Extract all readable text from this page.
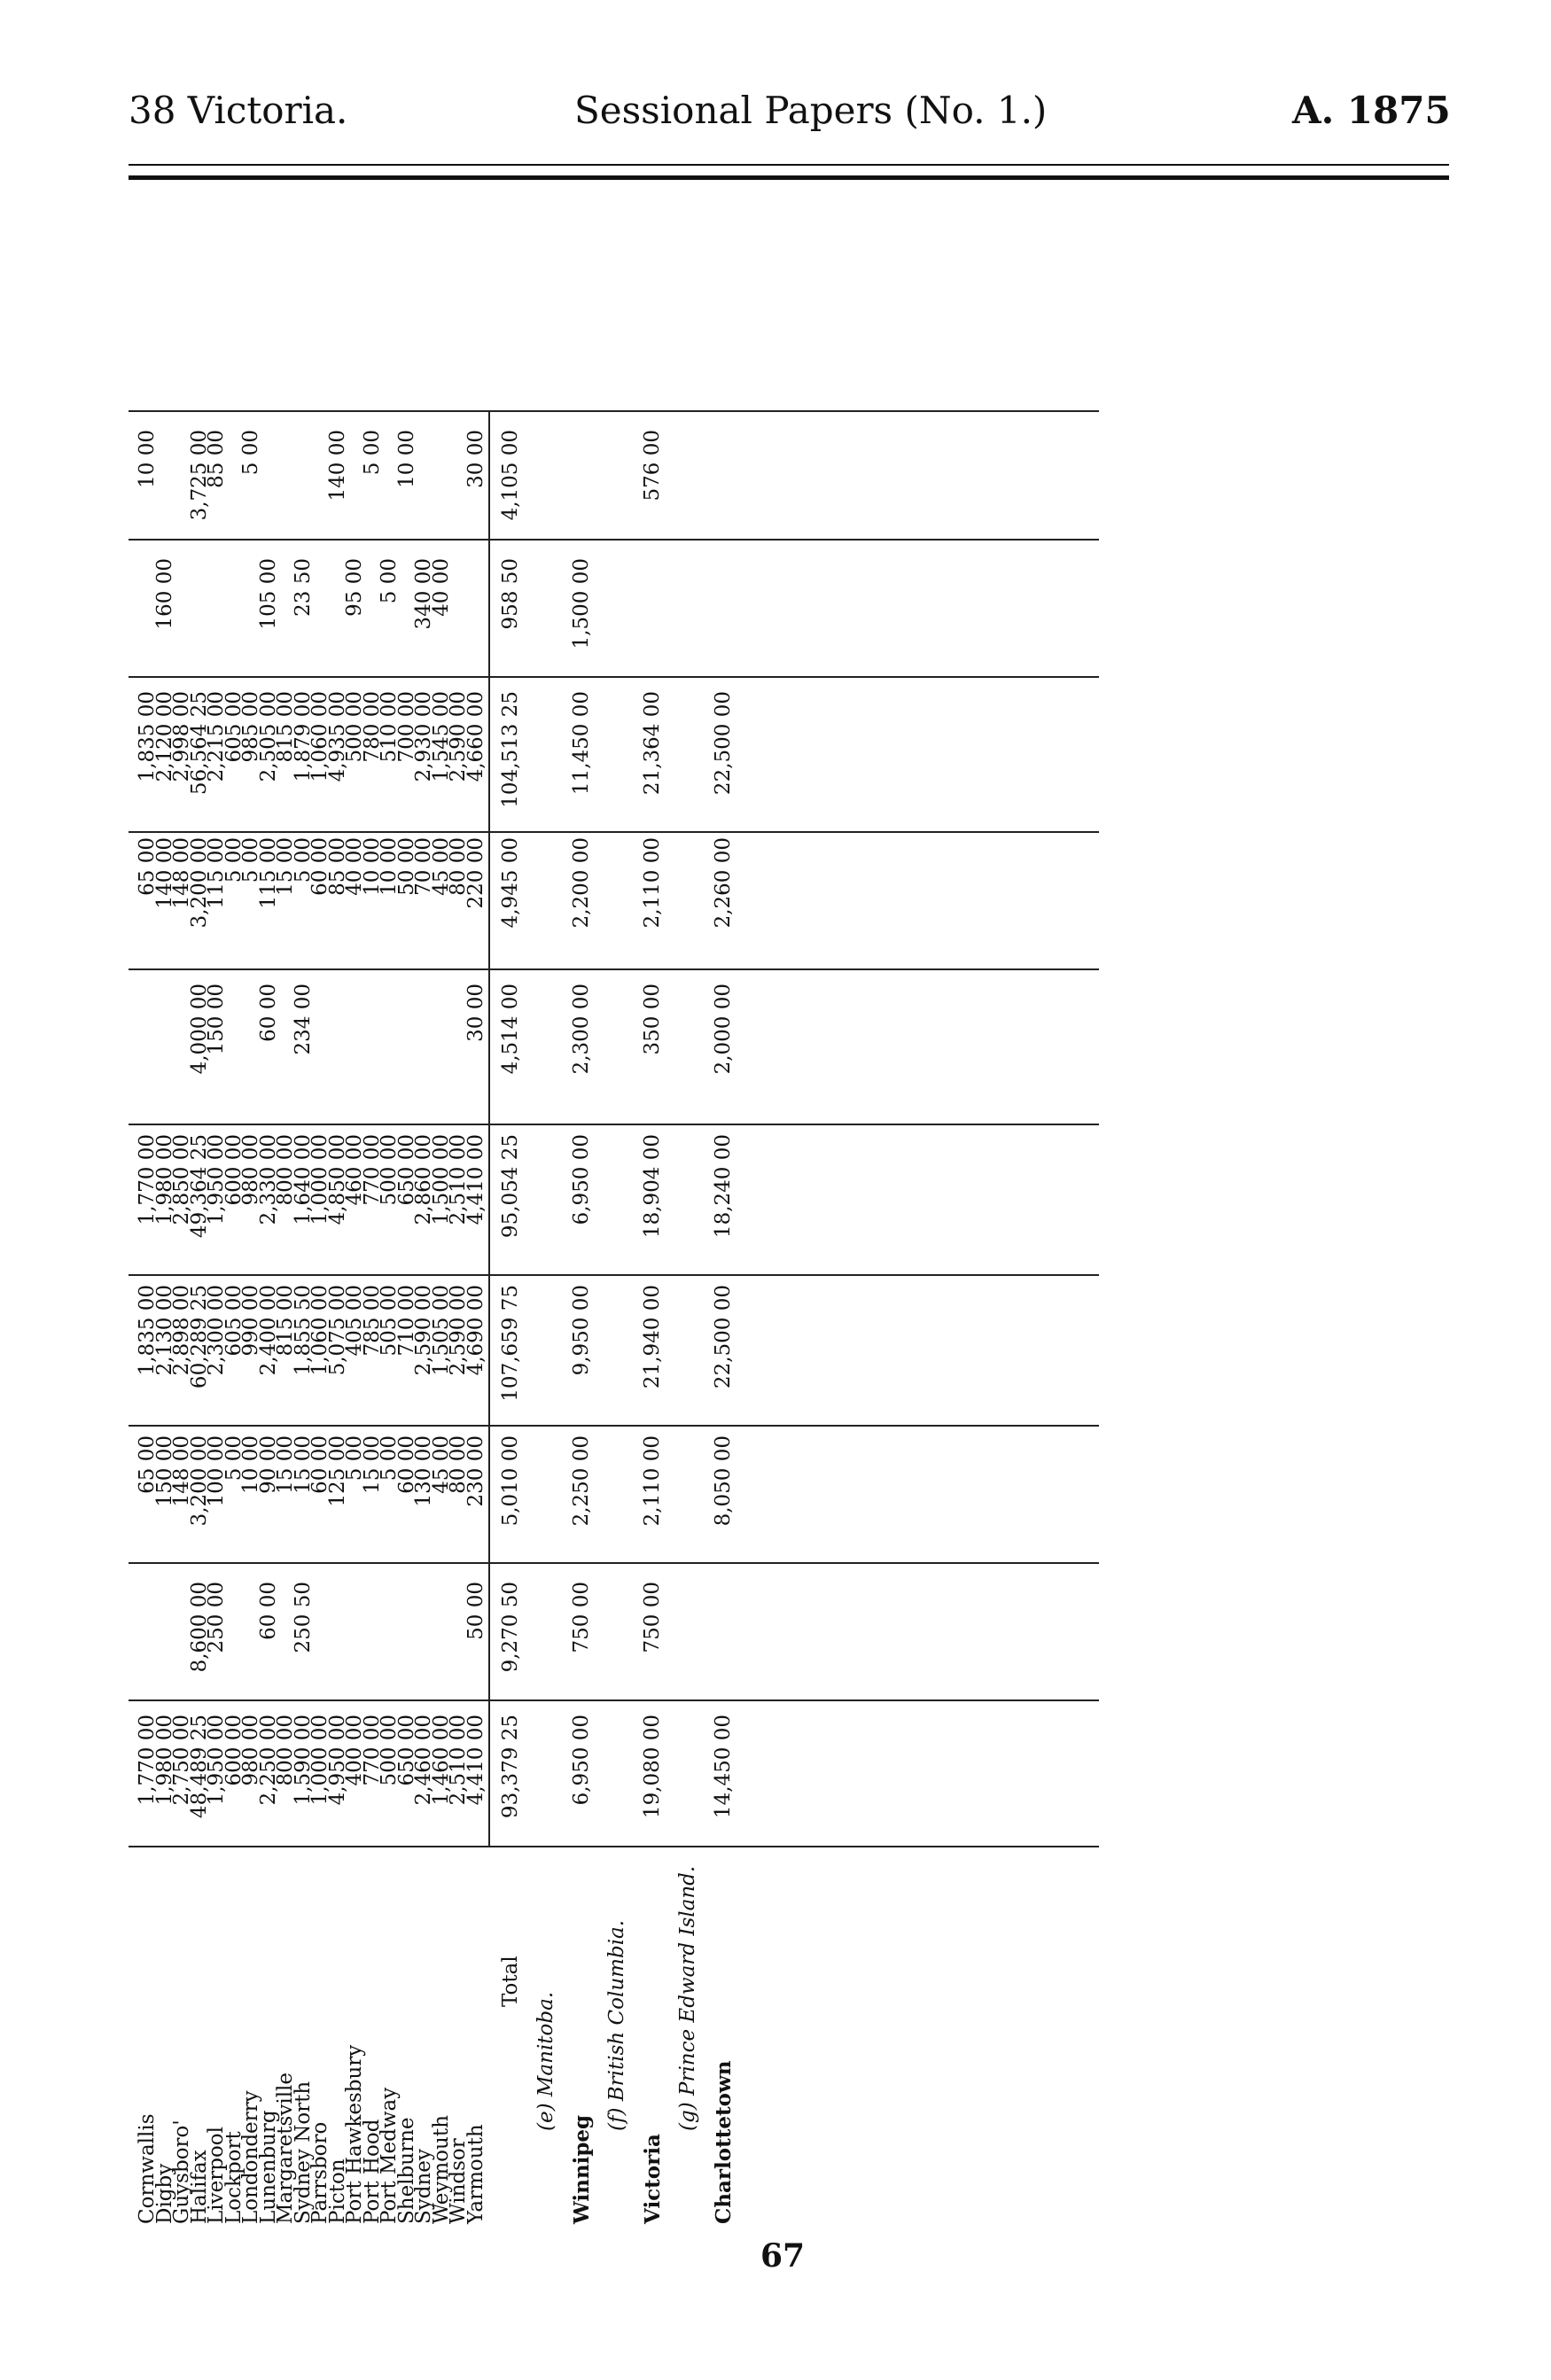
38 Victoria.	Sessional Papers (No. 1.)	A. 1875
Cornwallis
1,770 00
65 00
1,835 00
1,770 00
65 00
1,835 00
10 00
Digby
1,980 00
150 00
2,130 00
1,980 00
140 00
2,120 00
160 00
Guysboro'
2,750 00
148 00
2,898 00
2,850 00
148 00
2,998 00
Halifax
48,489 25
8,600 00
3,200 00
60,289 25
49,364 25
4,000 00
3,200 00
56,564 25
3,725 00
Liverpool
1,950 00
250 00
100 00
2,300 00
1,950 00
150 00
115 00
2,215 00
85 00
Lockport
600 00
5 00
605 00
600 00
5 00
605 00
Londonderry
980 00
10 00
990 00
980 00
5 00
985 00
5 00
Lunenburg
2,250 00
60 00
90 00
2,400 00
2,330 00
60 00
115 00
2,505 00
105 00
Margaretsville
800 00
15 00
815 00
800 00
15 00
815 00
Sydney North
1,590 00
250 50
15 00
1,855 50
1,640 00
234 00
5 00
1,879 00
23 50
Parrsboro
1,000 00
60 00
1,060 00
1,000 00
60 00
1,060 00
Picton
4,950 00
125 00
5,075 00
4,850 00
85 00
4,935 00
140 00
Port Hawkesbury
400 00
5 00
405 00
460 00
40 00
500 00
95 00
Port Hood
770 00
15 00
785 00
770 00
10 00
780 00
5 00
Port Medway
500 00
5 00
505 00
500 00
10 00
510 00
5 00
Shelburne
650 00
60 00
710 00
650 00
50 00
700 00
10 00
Sydney
2,460 00
130 00
2,590 00
2,860 00
70 00
2,930 00
340 00
Weymouth
1,460 00
45 00
1,505 00
1,500 00
45 00
1,545 00
40 00
Windsor
2,510 00
80 00
2,590 00
2,510 00
80 00
2,590 00
Yarmouth
4,410 00
50 00
230 00
4,690 00
4,410 00
30 00
220 00
4,660 00
30 00
Total
93,379 25
9,270 50
5,010 00
107,659 75
95,054 25
4,514 00
4,945 00
104,513 25
958 50
4,105 00
(e) Manitoba.
Winnipeg
6,950 00
2,250 00
9,950 00
6,950 00
2,300 00
2,200 00
11,450 00
1,500 00
750 00
(f) British Columbia.
Victoria
19,080 00
750 00
2,110 00
21,940 00
18,904 00
350 00
2,110 00
21,364 00
576 00
(g) Prince Edward Island.
Charlottetown
14,450 00
8,050 00
22,500 00
18,240 00
2,000 00
2,260 00
22,500 00
67
